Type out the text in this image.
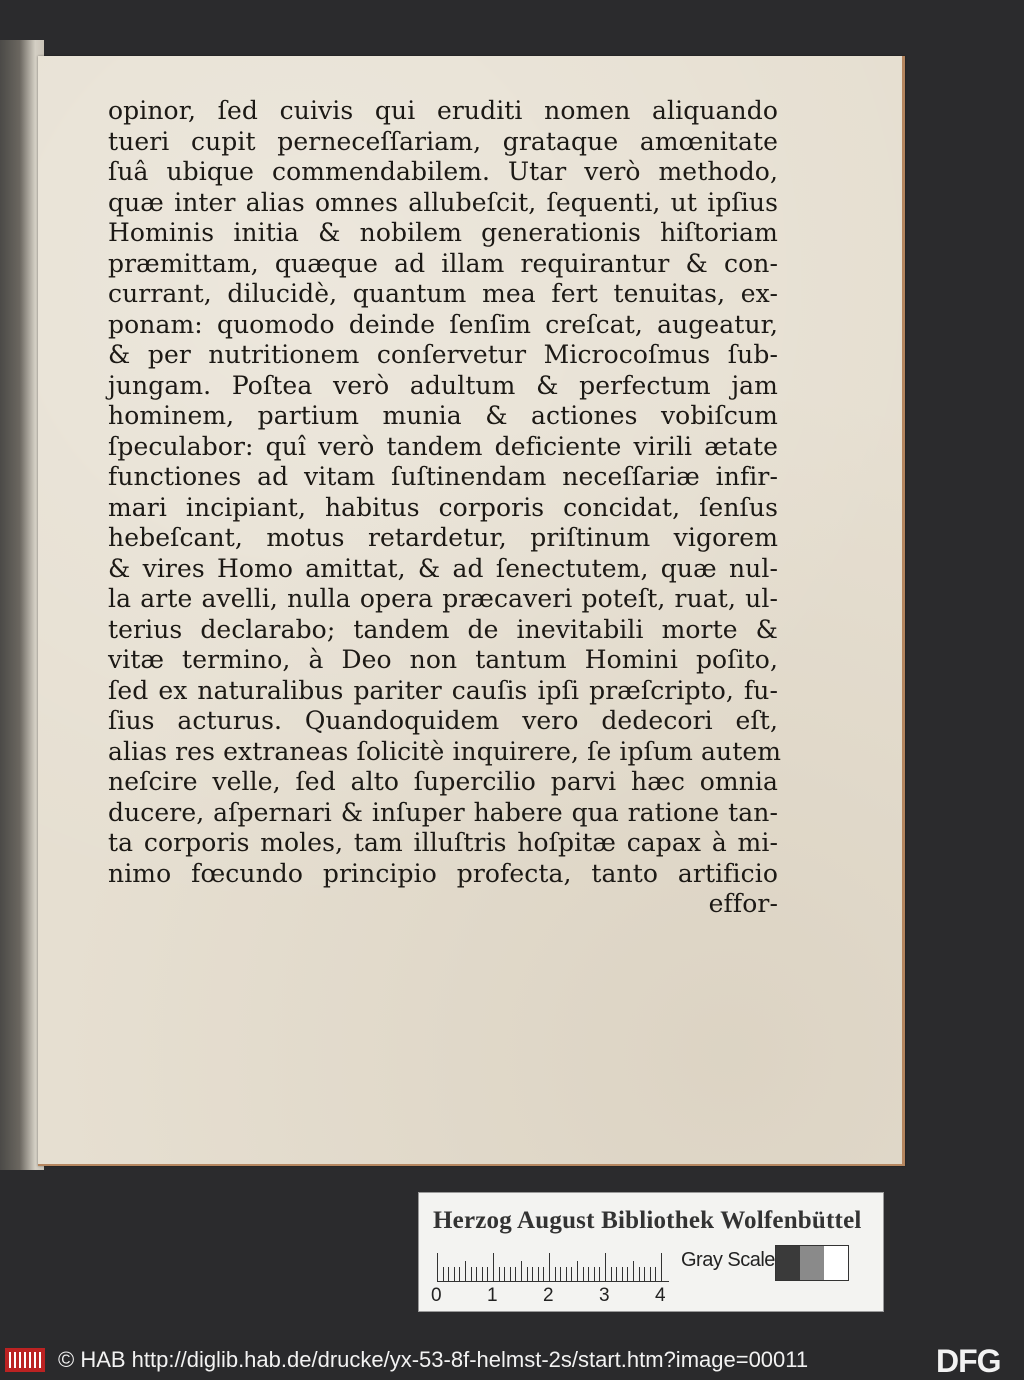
opinor, ſed cuivis qui eruditi nomen aliquando
tueri cupit perneceſſariam, grataque amœnitate
ſuâ ubique commendabilem. Utar verò methodo,
quæ inter alias omnes allubeſcit, ſequenti, ut ipſius
Hominis initia & nobilem generationis hiſtoriam
præmittam, quæque ad illam requirantur & con-
currant, dilucidè, quantum mea fert tenuitas, ex-
ponam: quomodo deinde ſenſim creſcat, augeatur,
& per nutritionem conſervetur Microcoſmus ſub-
jungam. Poſtea verò adultum & perfectum jam
hominem, partium munia & actiones vobiſcum
ſpeculabor: quî verò tandem deficiente virili ætate
functiones ad vitam ſuſtinendam neceſſariæ infir-
mari incipiant, habitus corporis concidat, ſenſus
hebeſcant, motus retardetur, priſtinum vigorem
& vires Homo amittat, & ad ſenectutem, quæ nul-
la arte avelli, nulla opera præcaveri poteſt, ruat, ul-
terius declarabo; tandem de inevitabili morte &
vitæ termino, à Deo non tantum Homini poſito,
ſed ex naturalibus pariter cauſis ipſi præſcripto, fu-
ſius acturus. Quandoquidem vero dedecori eſt,
alias res extraneas ſolicitè inquirere, ſe ipſum autem
neſcire velle, ſed alto ſupercilio parvi hæc omnia
ducere, aſpernari & inſuper habere qua ratione tan-
ta corporis moles, tam illuſtris hoſpitæ capax à mi-
nimo fœcundo principio profecta, tanto artificio
effor-
Herzog August Bibliothek Wolfenbüttel
0 1 2 3 4
Gray Scale
© HAB http://diglib.hab.de/drucke/yx-53-8f-helmst-2s/start.htm?image=00011	DFG
